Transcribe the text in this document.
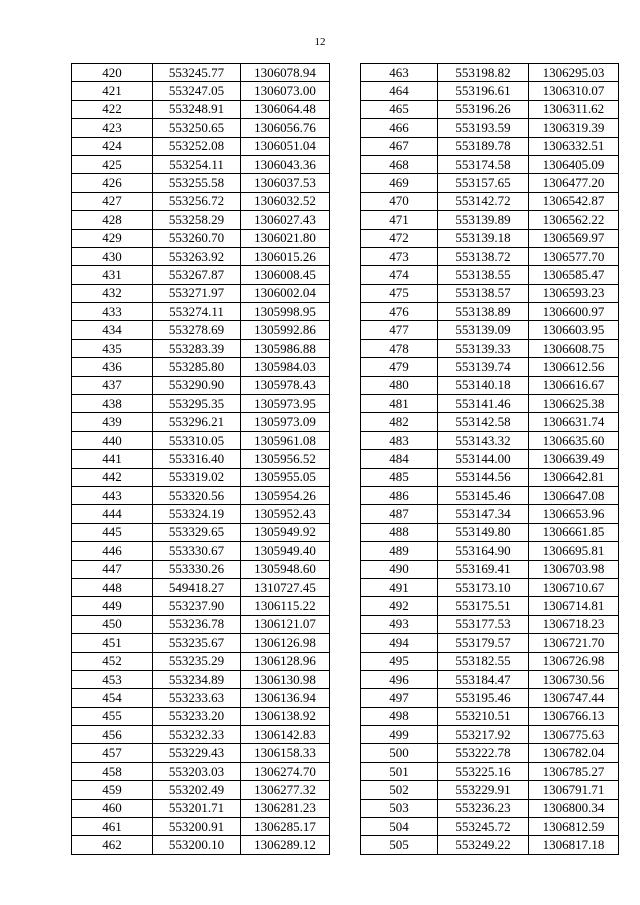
12
420	553245.77	1306078.94
421	553247.05	1306073.00
422	553248.91	1306064.48
423	553250.65	1306056.76
424	553252.08	1306051.04
425	553254.11	1306043.36
426	553255.58	1306037.53
427	553256.72	1306032.52
428	553258.29	1306027.43
429	553260.70	1306021.80
430	553263.92	1306015.26
431	553267.87	1306008.45
432	553271.97	1306002.04
433	553274.11	1305998.95
434	553278.69	1305992.86
435	553283.39	1305986.88
436	553285.80	1305984.03
437	553290.90	1305978.43
438	553295.35	1305973.95
439	553296.21	1305973.09
440	553310.05	1305961.08
441	553316.40	1305956.52
442	553319.02	1305955.05
443	553320.56	1305954.26
444	553324.19	1305952.43
445	553329.65	1305949.92
446	553330.67	1305949.40
447	553330.26	1305948.60
448	549418.27	1310727.45
449	553237.90	1306115.22
450	553236.78	1306121.07
451	553235.67	1306126.98
452	553235.29	1306128.96
453	553234.89	1306130.98
454	553233.63	1306136.94
455	553233.20	1306138.92
456	553232.33	1306142.83
457	553229.43	1306158.33
458	553203.03	1306274.70
459	553202.49	1306277.32
460	553201.71	1306281.23
461	553200.91	1306285.17
462	553200.10	1306289.12
463	553198.82	1306295.03
464	553196.61	1306310.07
465	553196.26	1306311.62
466	553193.59	1306319.39
467	553189.78	1306332.51
468	553174.58	1306405.09
469	553157.65	1306477.20
470	553142.72	1306542.87
471	553139.89	1306562.22
472	553139.18	1306569.97
473	553138.72	1306577.70
474	553138.55	1306585.47
475	553138.57	1306593.23
476	553138.89	1306600.97
477	553139.09	1306603.95
478	553139.33	1306608.75
479	553139.74	1306612.56
480	553140.18	1306616.67
481	553141.46	1306625.38
482	553142.58	1306631.74
483	553143.32	1306635.60
484	553144.00	1306639.49
485	553144.56	1306642.81
486	553145.46	1306647.08
487	553147.34	1306653.96
488	553149.80	1306661.85
489	553164.90	1306695.81
490	553169.41	1306703.98
491	553173.10	1306710.67
492	553175.51	1306714.81
493	553177.53	1306718.23
494	553179.57	1306721.70
495	553182.55	1306726.98
496	553184.47	1306730.56
497	553195.46	1306747.44
498	553210.51	1306766.13
499	553217.92	1306775.63
500	553222.78	1306782.04
501	553225.16	1306785.27
502	553229.91	1306791.71
503	553236.23	1306800.34
504	553245.72	1306812.59
505	553249.22	1306817.18
